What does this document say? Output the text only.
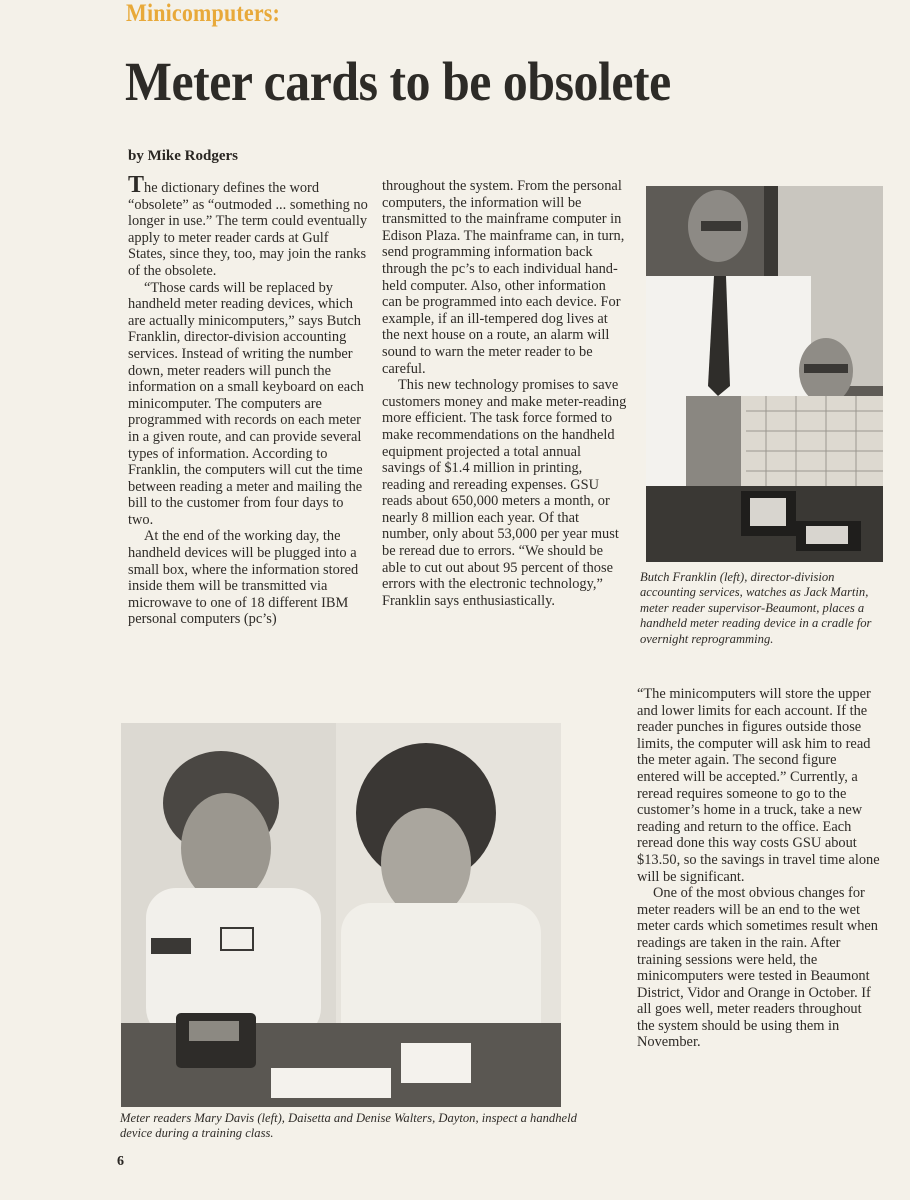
Minicomputers:
Meter cards to be obsolete
by Mike Rodgers

The dictionary defines the word “obsolete” as “outmoded ... something no longer in use.” The term could eventually apply to meter reader cards at Gulf States, since they, too, may join the ranks of the obsolete.

“Those cards will be replaced by handheld meter reading devices, which are actually minicomputers,” says Butch Franklin, director-division accounting services. Instead of writing the number down, meter readers will punch the information on a small keyboard on each minicomputer. The computers are programmed with records on each meter in a given route, and can provide several types of information. According to Franklin, the computers will cut the time between reading a meter and mailing the bill to the customer from four days to two.

At the end of the working day, the handheld devices will be plugged into a small box, where the information stored inside them will be transmitted via microwave to one of 18 different IBM personal computers (pc’s)

throughout the system. From the personal computers, the information will be transmitted to the mainframe computer in Edison Plaza. The mainframe can, in turn, send programming information back through the pc’s to each individual hand-held computer. Also, other information can be programmed into each device. For example, if an ill-tempered dog lives at the next house on a route, an alarm will sound to warn the meter reader to be careful.

This new technology promises to save customers money and make meter-reading more efficient. The task force formed to make recommendations on the handheld equipment projected a total annual savings of $1.4 million in printing, reading and rereading expenses. GSU reads about 650,000 meters a month, or nearly 8 million each year. Of that number, only about 53,000 per year must be reread due to errors. “We should be able to cut out about 95 percent of those errors with the electronic technology,” Franklin says enthusiastically.

Butch Franklin (left), director-division accounting services, watches as Jack Martin, meter reader supervisor-Beaumont, places a handheld meter reading device in a cradle for overnight reprogramming.

“The minicomputers will store the upper and lower limits for each account. If the reader punches in figures outside those limits, the computer will ask him to read the meter again. The second figure entered will be accepted.” Currently, a reread requires someone to go to the customer’s home in a truck, take a new reading and return to the office. Each reread done this way costs GSU about $13.50, so the savings in travel time alone will be significant.

One of the most obvious changes for meter readers will be an end to the wet meter cards which sometimes result when readings are taken in the rain. After training sessions were held, the minicomputers were tested in Beaumont District, Vidor and Orange in October. If all goes well, meter readers throughout the system should be using them in November.

Meter readers Mary Davis (left), Daisetta and Denise Walters, Dayton, inspect a handheld device during a training class.
6
